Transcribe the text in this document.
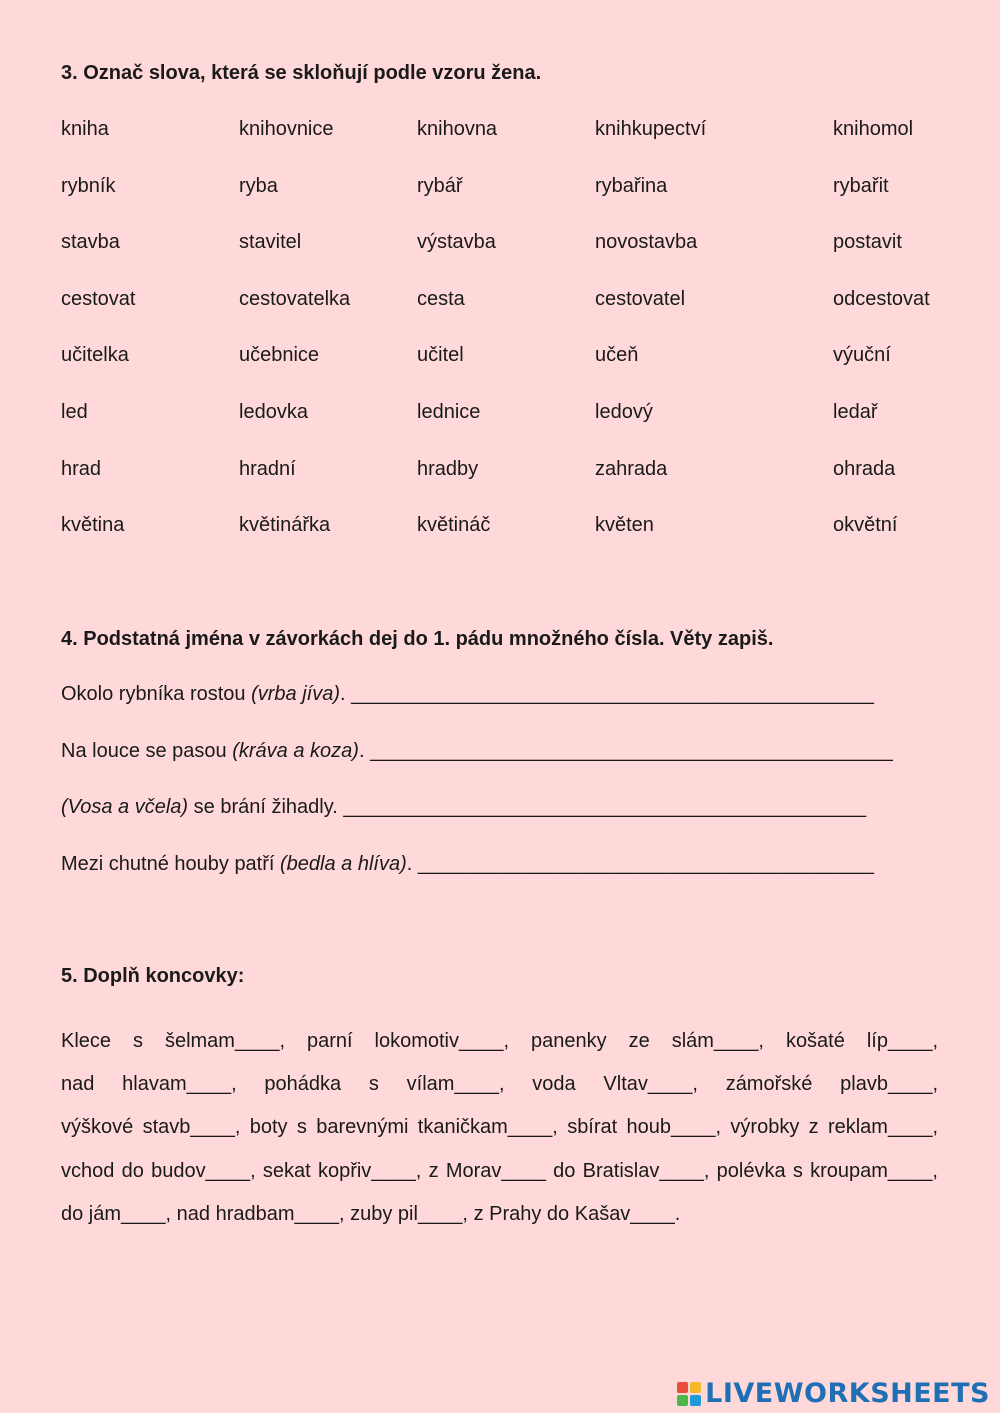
3. Označ slova, která se skloňují podle vzoru žena.
kniha	knihovnice	knihovna	knihkupectví	knihomol
rybník	ryba	rybář	rybařina	rybařit
stavba	stavitel	výstavba	novostavba	postavit
cestovat	cestovatelka	cesta	cestovatel	odcestovat
učitelka	učebnice	učitel	učeň	výuční
led	ledovka	lednice	ledový	ledař
hrad	hradní	hradby	zahrada	ohrada
květina	květinářka	květináč	květen	okvětní
4. Podstatná jména v závorkách dej do 1. pádu množného čísla. Věty zapiš.
Okolo rybníka rostou (vrba jíva). _______________________________________________
Na louce se pasou (kráva a koza). _______________________________________________
(Vosa a včela) se brání žihadly. _______________________________________________
Mezi chutné houby patří (bedla a hlíva). _________________________________________
5. Doplň koncovky:
Klece s šelmam____, parní lokomotiv____, panenky ze slám____, košaté líp____, nad hlavam____, pohádka s vílam____, voda Vltav____, zámořské plavb____, výškové stavb____, boty s barevnými tkaničkam____, sbírat houb____, výrobky z reklam____, vchod do budov____, sekat kopřiv____, z Morav____ do Bratislav____, polévka s kroupam____, do jám____, nad hradbam____, zuby pil____, z Prahy do Kašav____.
LIVEWORKSHEETS
